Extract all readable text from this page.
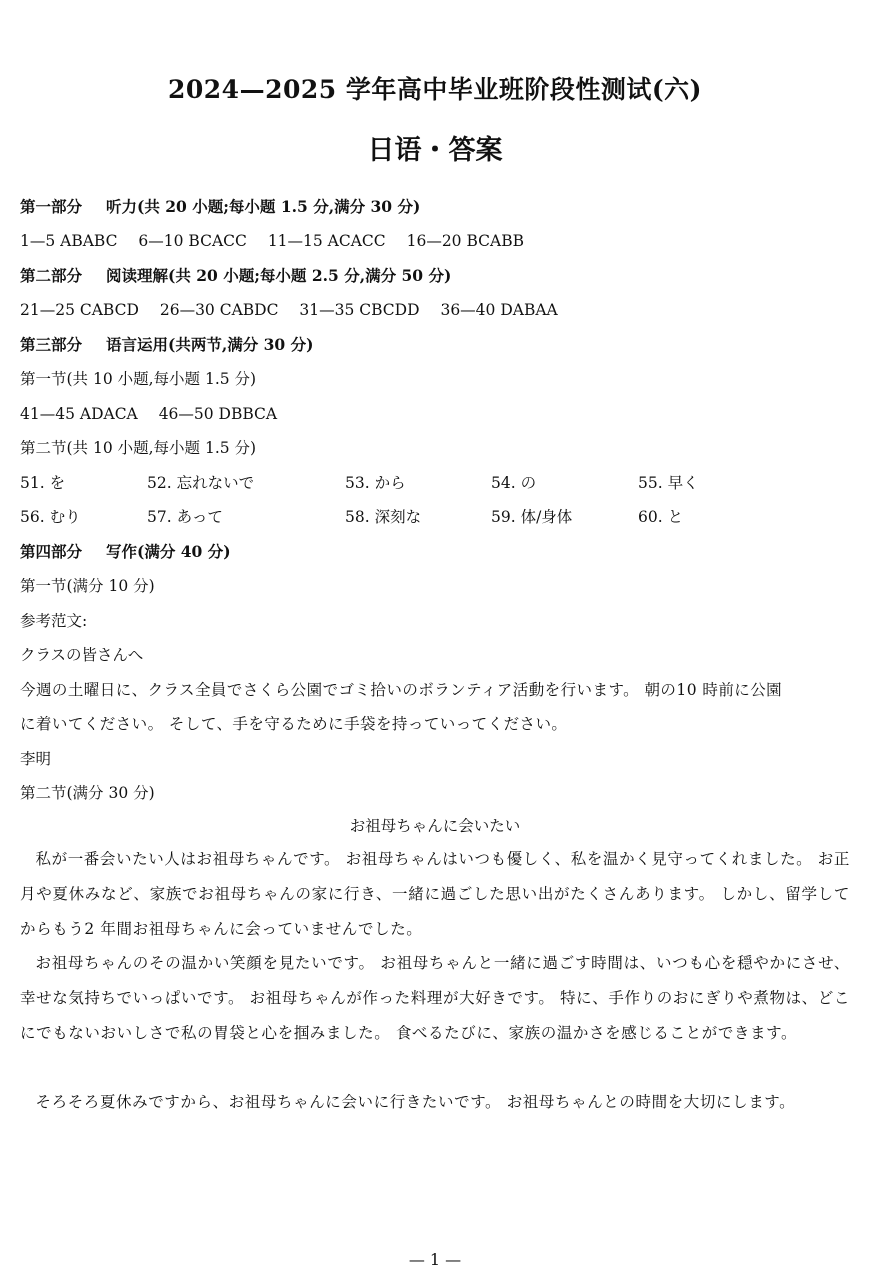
2024—2025 学年高中毕业班阶段性测试(六)
日语・答案
第一部分 听力(共 20 小题;每小题 1.5 分,满分 30 分)
1—5 ABABC 6—10 BCACC 11—15 ACACC 16—20 BCABB
第二部分 阅读理解(共 20 小题;每小题 2.5 分,满分 50 分)
21—25 CABCD 26—30 CABDC 31—35 CBCDD 36—40 DABAA
第三部分 语言运用(共两节,满分 30 分)
第一节(共 10 小题,每小题 1.5 分)
41—45 ADACA 46—50 DBBCA
第二节(共 10 小题,每小题 1.5 分)
51. を	52. 忘れないで	53. から	54. の	55. 早く
56. むり	57. あって	58. 深刻な	59. 体/身体	60. と
第四部分 写作(满分 40 分)
第一节(满分 10 分)
参考范文:
クラスの皆さんへ
今週の土曜日に、クラス全員でさくら公園でゴミ拾いのボランティア活動を行います。 朝の10 時前に公園
に着いてください。 そして、手を守るために手袋を持っていってください。
李明
第二节(满分 30 分)
お祖母ちゃんに会いたい
私が一番会いたい人はお祖母ちゃんです。 お祖母ちゃんはいつも優しく、私を温かく見守ってくれました。 お正月や夏休みなど、家族でお祖母ちゃんの家に行き、一緒に過ごした思い出がたくさんあります。 しかし、留学してからもう2 年間お祖母ちゃんに会っていませんでした。
お祖母ちゃんのその温かい笑顔を見たいです。 お祖母ちゃんと一緒に過ごす時間は、いつも心を穏やかにさせ、幸せな気持ちでいっぱいです。 お祖母ちゃんが作った料理が大好きです。 特に、手作りのおにぎりや煮物は、どこにでもないおいしさで私の胃袋と心を掴みました。 食べるたびに、家族の温かさを感じることができます。
そろそろ夏休みですから、お祖母ちゃんに会いに行きたいです。 お祖母ちゃんとの時間を大切にします。
— 1 —
